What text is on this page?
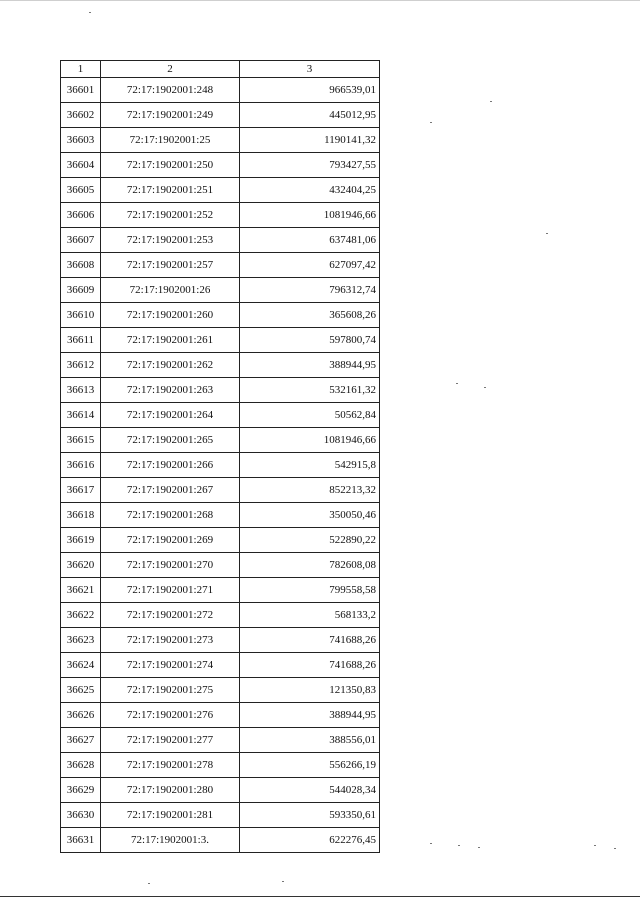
1	2	3
36601	72:17:1902001:248	966539,01
36602	72:17:1902001:249	445012,95
36603	72:17:1902001:25	1190141,32
36604	72:17:1902001:250	793427,55
36605	72:17:1902001:251	432404,25
36606	72:17:1902001:252	1081946,66
36607	72:17:1902001:253	637481,06
36608	72:17:1902001:257	627097,42
36609	72:17:1902001:26	796312,74
36610	72:17:1902001:260	365608,26
36611	72:17:1902001:261	597800,74
36612	72:17:1902001:262	388944,95
36613	72:17:1902001:263	532161,32
36614	72:17:1902001:264	50562,84
36615	72:17:1902001:265	1081946,66
36616	72:17:1902001:266	542915,8
36617	72:17:1902001:267	852213,32
36618	72:17:1902001:268	350050,46
36619	72:17:1902001:269	522890,22
36620	72:17:1902001:270	782608,08
36621	72:17:1902001:271	799558,58
36622	72:17:1902001:272	568133,2
36623	72:17:1902001:273	741688,26
36624	72:17:1902001:274	741688,26
36625	72:17:1902001:275	121350,83
36626	72:17:1902001:276	388944,95
36627	72:17:1902001:277	388556,01
36628	72:17:1902001:278	556266,19
36629	72:17:1902001:280	544028,34
36630	72:17:1902001:281	593350,61
36631	72:17:1902001:3.	622276,45
